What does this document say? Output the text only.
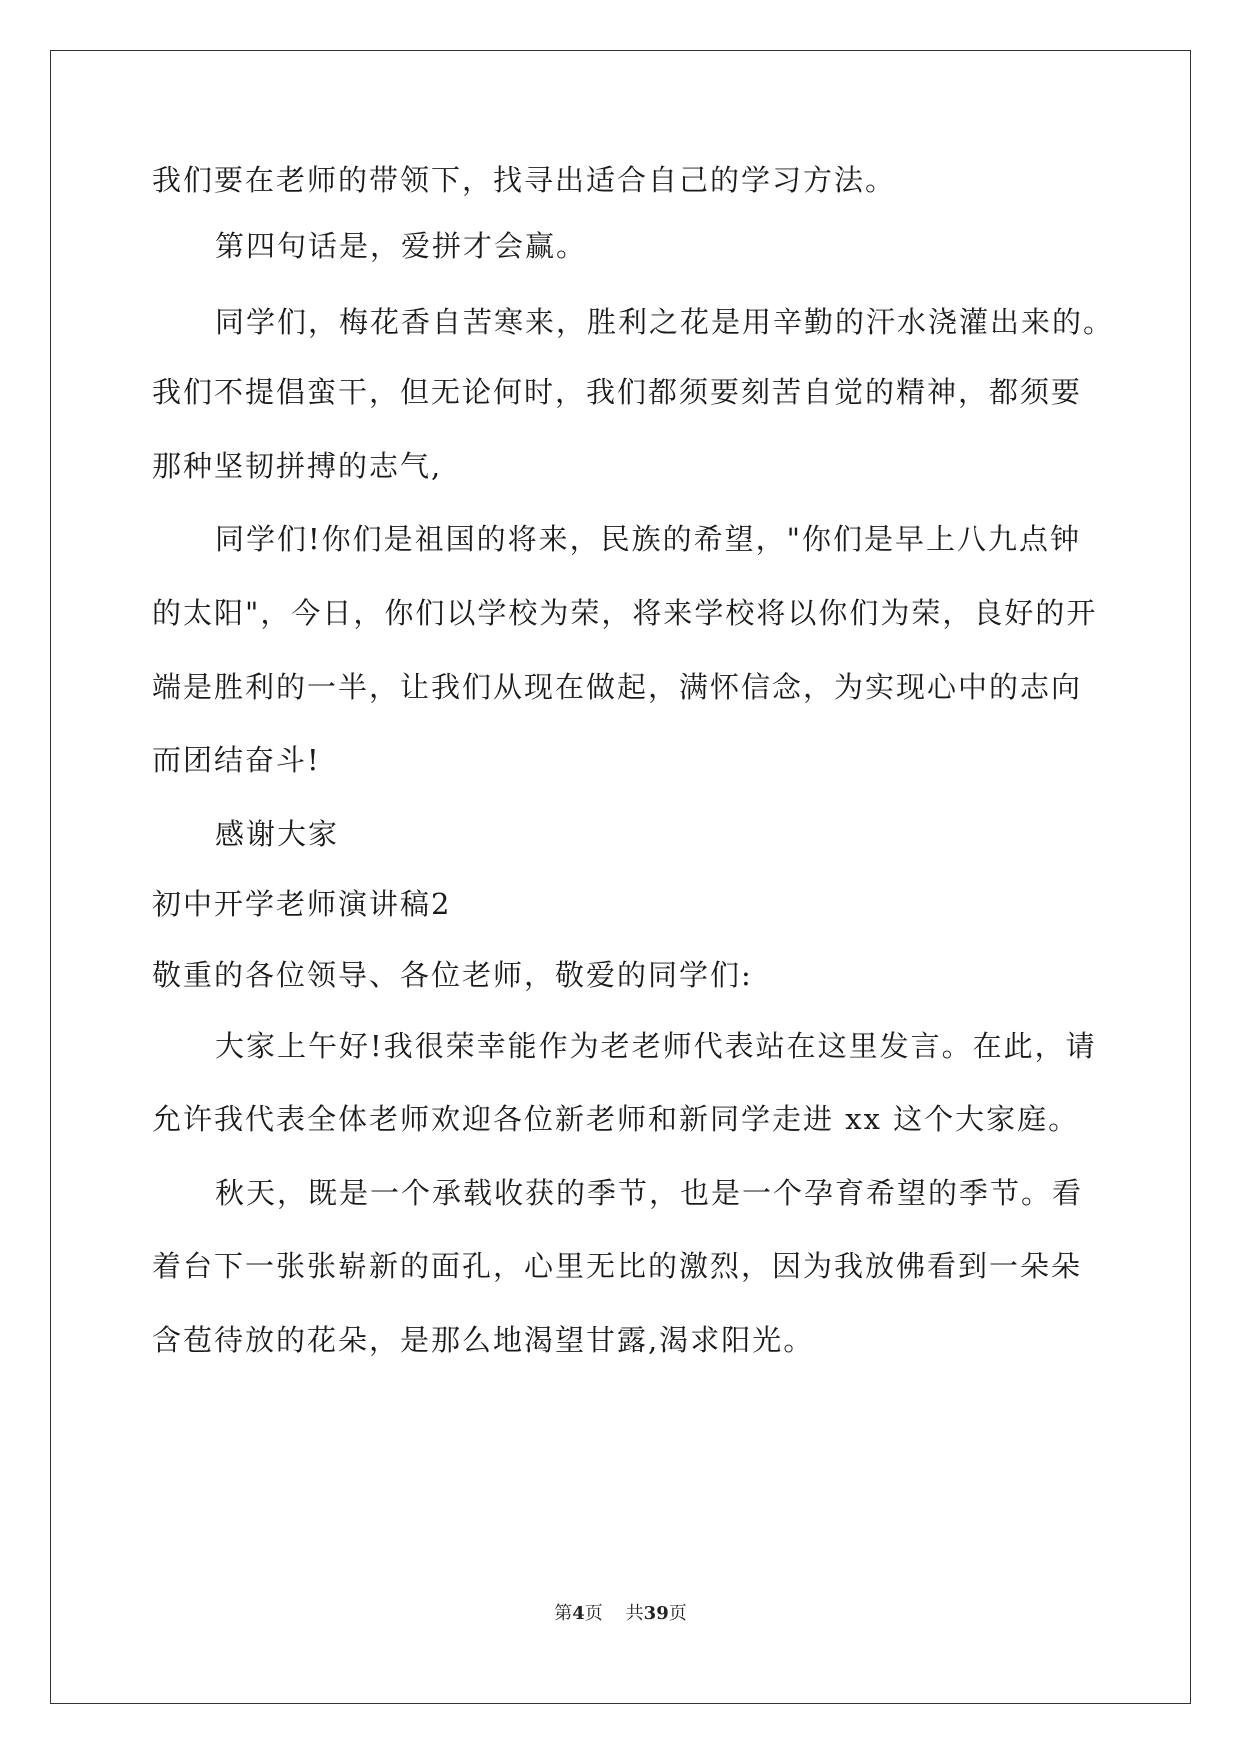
我们要在老师的带领下，找寻出适合自己的学习方法。
第四句话是，爱拼才会赢。
同学们，梅花香自苦寒来，胜利之花是用辛勤的汗水浇灌出来的。
我们不提倡蛮干，但无论何时，我们都须要刻苦自觉的精神，都须要
那种坚韧拼搏的志气,
同学们!你们是祖国的将来，民族的希望，"你们是早上八九点钟
的太阳"，今日，你们以学校为荣，将来学校将以你们为荣，良好的开
端是胜利的一半，让我们从现在做起，满怀信念，为实现心中的志向
而团结奋斗!
感谢大家
初中开学老师演讲稿2
敬重的各位领导、各位老师，敬爱的同学们:
大家上午好!我很荣幸能作为老老师代表站在这里发言。在此，请
允许我代表全体老师欢迎各位新老师和新同学走进 xx 这个大家庭。
秋天，既是一个承载收获的季节，也是一个孕育希望的季节。看
着台下一张张崭新的面孔，心里无比的激烈，因为我放佛看到一朵朵
含苞待放的花朵，是那么地渴望甘露,渴求阳光。
第4页 共39页
